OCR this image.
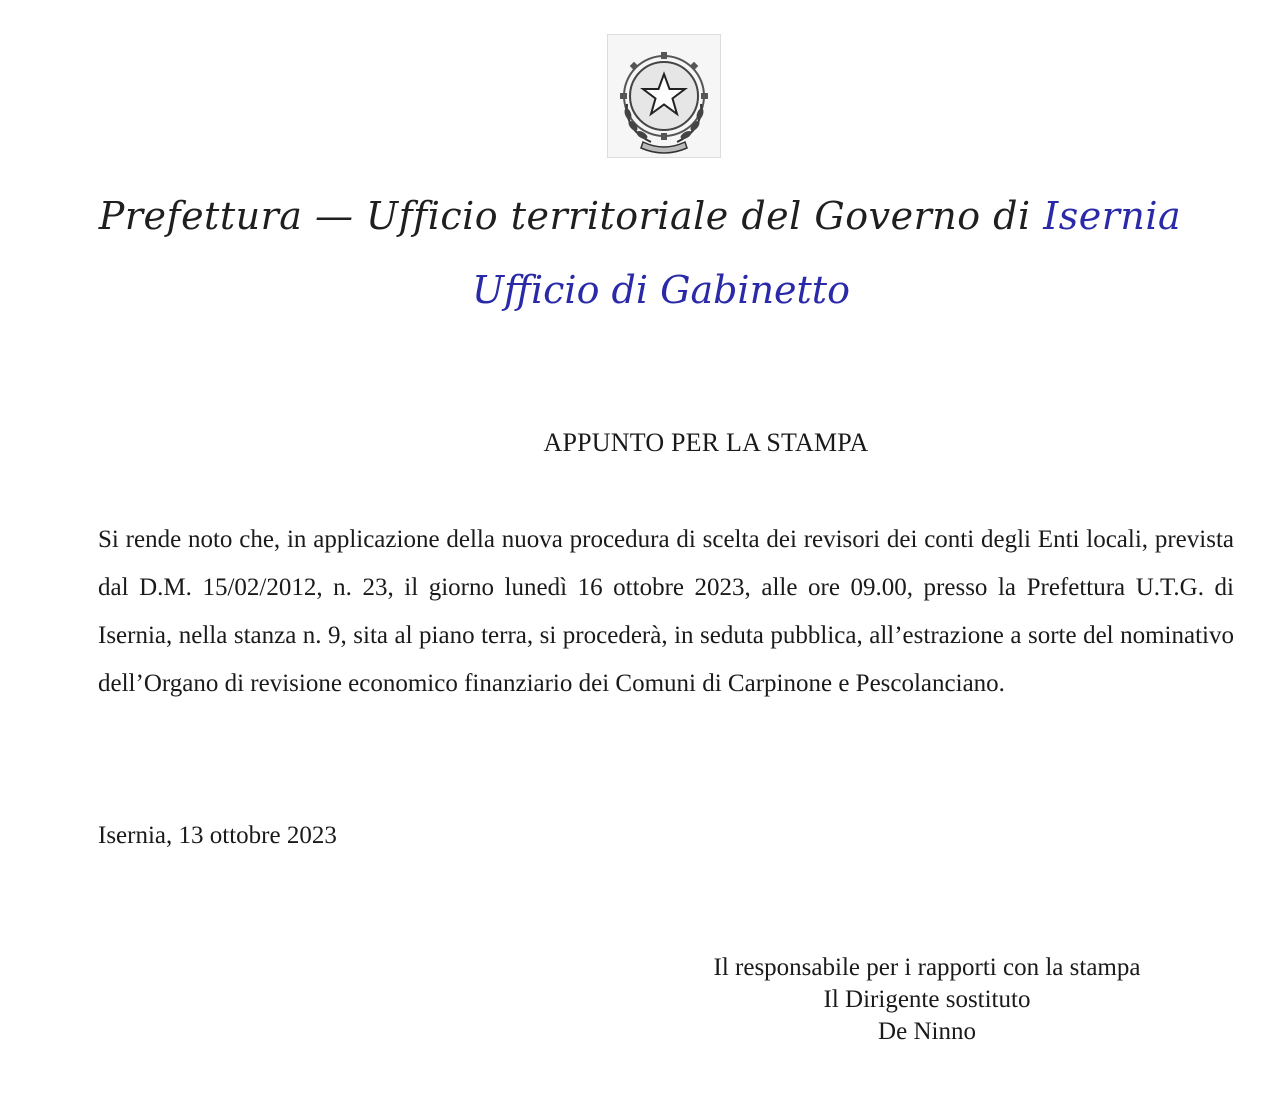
Prefettura — Ufficio territoriale del Governo di Isernia
Ufficio di Gabinetto
APPUNTO PER LA STAMPA
Si rende noto che, in applicazione della nuova procedura di scelta dei revisori dei conti degli Enti locali, prevista dal D.M. 15/02/2012, n. 23, il giorno lunedì 16 ottobre 2023, alle ore 09.00, presso la Prefettura U.T.G. di Isernia, nella stanza n. 9, sita al piano terra, si procederà, in seduta pubblica, all’estrazione a sorte del nominativo dell’Organo di revisione economico finanziario dei Comuni di Carpinone e Pescolanciano.
Isernia, 13 ottobre 2023
Il responsabile per i rapporti con la stampa
Il Dirigente sostituto
De Ninno
